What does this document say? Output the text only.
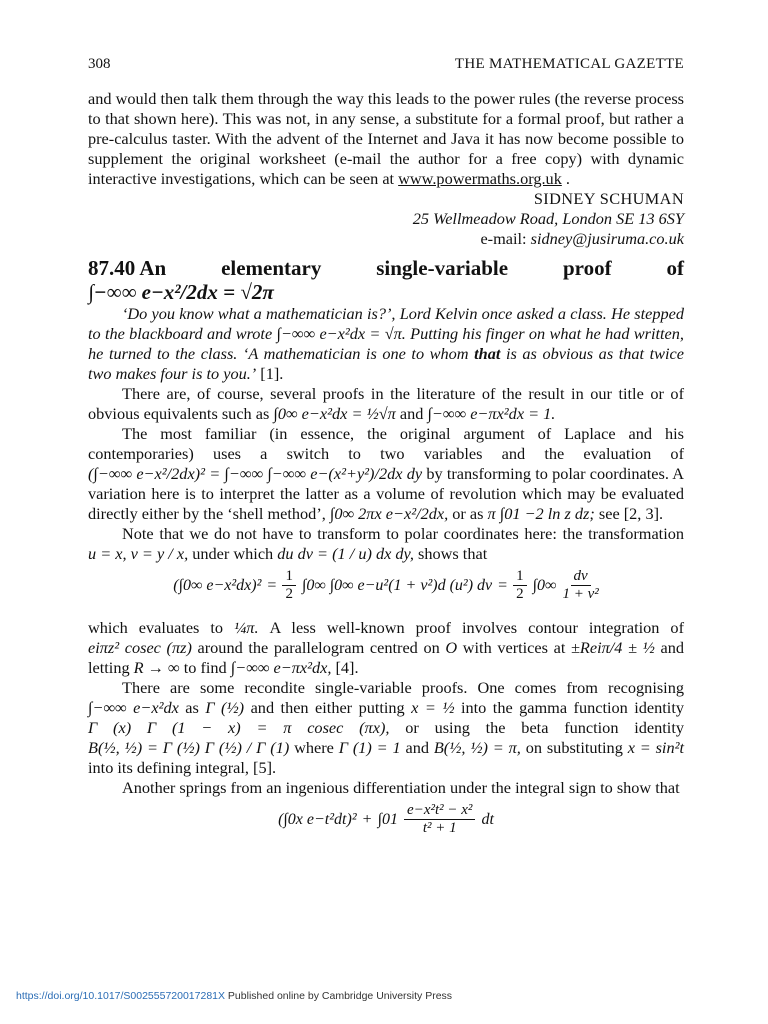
308	THE MATHEMATICAL GAZETTE

and would then talk them through the way this leads to the power rules (the reverse process to that shown here). This was not, in any sense, a substitute for a formal proof, but rather a pre-calculus taster. With the advent of the Internet and Java it has now become possible to supplement the original worksheet (e-mail the author for a free copy) with dynamic interactive investigations, which can be seen at www.powermaths.org.uk .

SIDNEY SCHUMAN

25 Wellmeadow Road, London SE 13 6SY

e-mail: sidney@jusiruma.co.uk

87.40 An	elementary	single-variable	proof	of
∫−∞∞ e−x²/2dx = √2π

‘Do you know what a mathematician is?’, Lord Kelvin once asked a class. He stepped to the blackboard and wrote ∫−∞∞ e−x²dx = √π. Putting his finger on what he had written, he turned to the class. ‘A mathematician is one to whom that is as obvious as that twice two makes four is to you.’ [1].

There are, of course, several proofs in the literature of the result in our title or of obvious equivalents such as ∫0∞ e−x²dx = ½√π and ∫−∞∞ e−πx²dx = 1.

The most familiar (in essence, the original argument of Laplace and his contemporaries) uses a switch to two variables and the evaluation of (∫−∞∞ e−x²/2dx)² = ∫−∞∞ ∫−∞∞ e−(x²+y²)/2dx dy by transforming to polar coordinates. A variation here is to interpret the latter as a volume of revolution which may be evaluated directly either by the ‘shell method’, ∫0∞ 2πx e−x²/2dx, or as π ∫01 −2 ln z dz; see [2, 3].

Note that we do not have to transform to polar coordinates here: the transformation u = x, v = y / x, under which du dv = (1 / u) dx dy, shows that

(∫0∞ $e-x^2dx)^2 = \frac{1}{2} \int 0\infty$ ∫0∞ e−u²(1 + v²)d (u²) dv = $\frac{1}{2} \int 0\infty \frac{dv}{\text{1 + v²}}$

which evaluates to ¼π. A less well-known proof involves contour integration of eiπz² cosec (πz) around the parallelogram centred on O with vertices at ±Reiπ/4 ± ½ and letting R → ∞ to find ∫−∞∞ e−πx²dx, [4].

There are some recondite single-variable proofs. One comes from recognising ∫−∞∞ e−x²dx as Γ (½) and then either putting x = ½ into the gamma function identity Γ (x) Γ (1 − x) = π cosec (πx), or using the beta function identity B(½, ½) = Γ (½) Γ (½) / Γ (1) where Γ (1) = 1 and B(½, ½) = π, on substituting x = sin²t into its defining integral, [5].

Another springs from an ingenious differentiation under the integral sign to show that

(∫0x $e-t^2dt)^2 + \int 01 \frac{\text{e−x²t² − x²}}{\text{t² + 1}}$ dt
https://doi.org/10.1017/S002555720017281X Published online by Cambridge University Press
